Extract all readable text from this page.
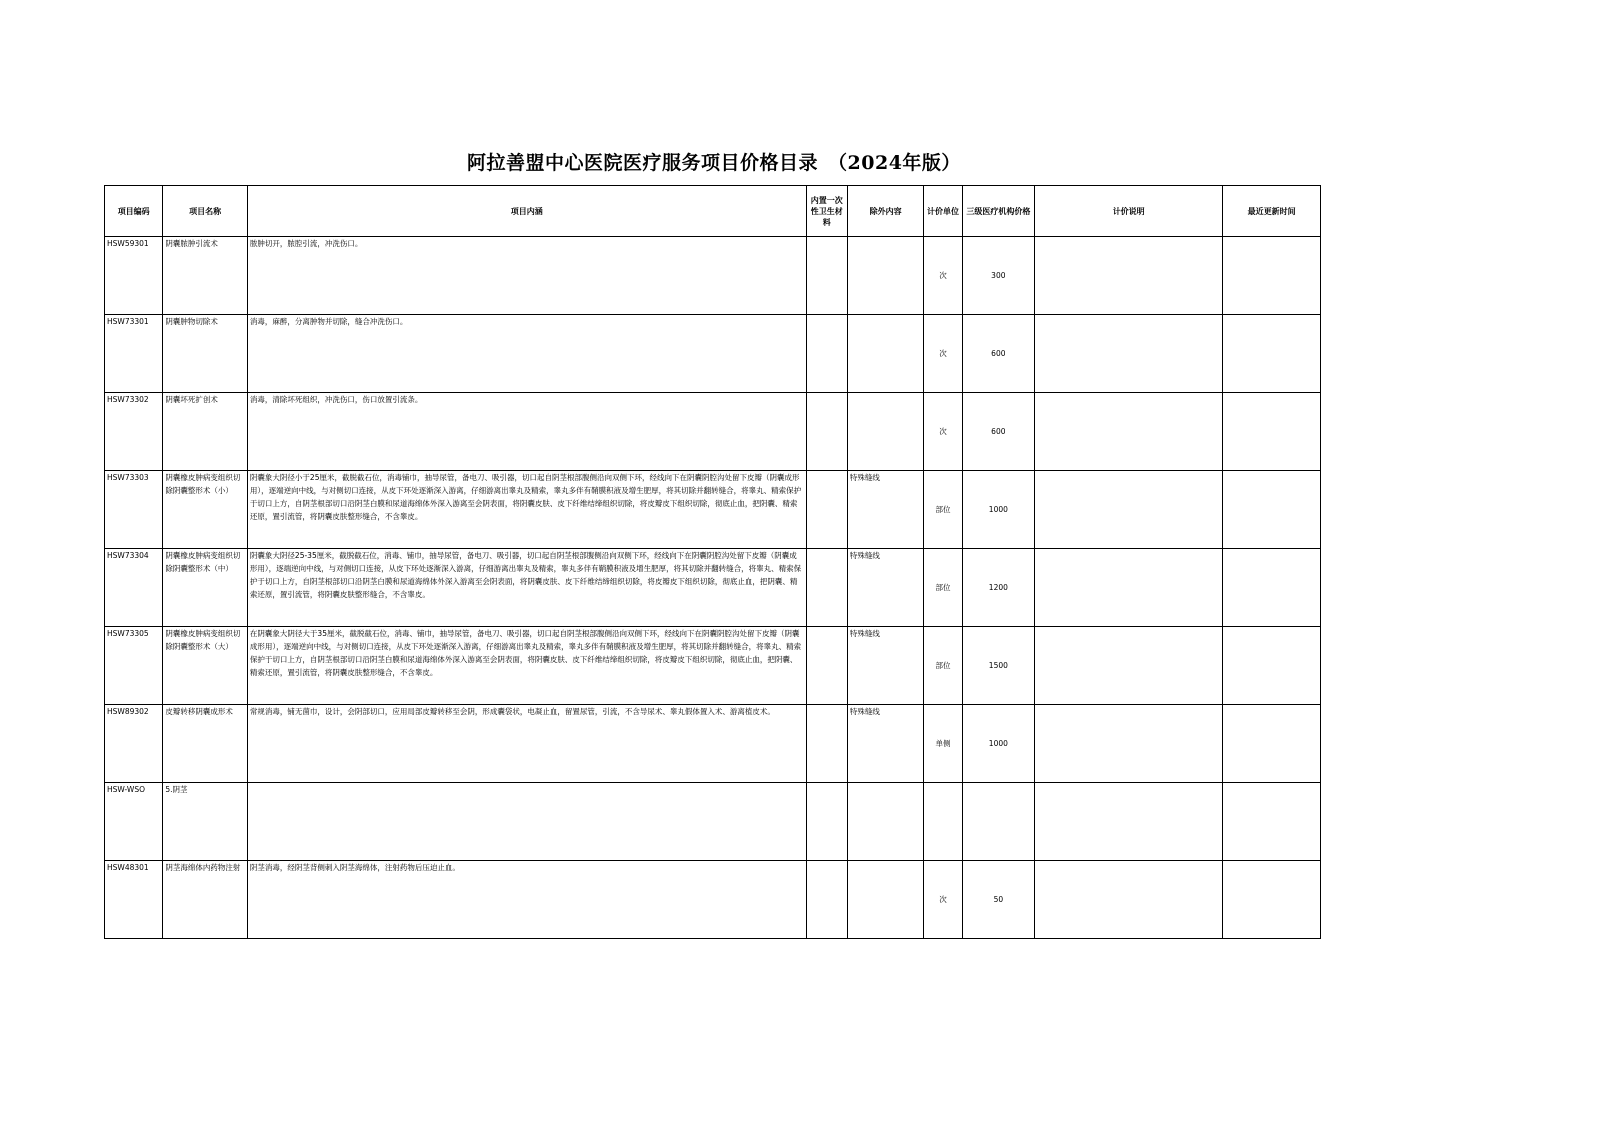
阿拉善盟中心医院医疗服务项目价格目录　（2024年版）
项目编码	项目名称	项目内涵	内置一次性卫生材料	除外内容	计价单位	三级医疗机构价格	计价说明	最近更新时间
HSW59301	阴囊脓肿引流术	脓肿切开，脓腔引流，冲洗伤口。			次	300		
HSW73301	阴囊肿物切除术	消毒，麻醉，分离肿物并切除，缝合冲洗伤口。			次	600		
HSW73302	阴囊坏死扩创术	消毒，清除坏死组织，冲洗伤口，伤口放置引流条。			次	600		
HSW73303	阴囊橡皮肿病变组织切除阴囊整形术（小）	阴囊象大阴径小于25厘米，截脱截石位，消毒铺巾，抽导尿管，备电刀、吸引器，切口起自阴茎根部腹侧沿向双侧下环，经线向下在阴囊阴腔沟处留下皮瓣（阴囊成形用），逐端逆向中线，与对侧切口连接，从皮下环处逐渐深入游离，仔细游离出睾丸及精索，睾丸多伴有鞘膜积液及增生肥厚，将其切除并翻转缝合，将睾丸、精索保护于切口上方，自阴茎根部切口沿阴茎白膜和尿道海绵体外深入游离至会阴表面，将阴囊皮肤、皮下纤维结缔组织切除，将皮瓣皮下组织切除，彻底止血，把阴囊、精索还原，置引流管，将阴囊皮肤整形缝合，不含睾皮。		特殊缝线	部位	1000		
HSW73304	阴囊橡皮肿病变组织切除阴囊整形术（中）	阴囊象大阴径25-35厘米，截脱截石位，消毒、铺巾，抽导尿管，备电刀、吸引器，切口起自阴茎根部腹侧沿向双侧下环，经线向下在阴囊阴腔沟处留下皮瓣（阴囊成形用），逐端逆向中线，与对侧切口连接，从皮下环处逐渐深入游离，仔细游离出睾丸及精索，睾丸多伴有鞘膜积液及增生肥厚，将其切除并翻转缝合，将睾丸、精索保护于切口上方，自阴茎根部切口沿阴茎白膜和尿道海绵体外深入游离至会阴表面，将阴囊皮肤、皮下纤维结缔组织切除，将皮瓣皮下组织切除，彻底止血，把阴囊、精索还原，置引流管，将阴囊皮肤整形缝合，不含睾皮。		特殊缝线	部位	1200		
HSW73305	阴囊橡皮肿病变组织切除阴囊整形术（大）	在阴囊象大阴径大于35厘米，截脱截石位，消毒、铺巾，抽导尿管，备电刀、吸引器，切口起自阴茎根部腹侧沿向双侧下环，经线向下在阴囊阴腔沟处留下皮瓣（阴囊成形用），逐端逆向中线，与对侧切口连接，从皮下环处逐渐深入游离，仔细游离出睾丸及精索，睾丸多伴有鞘膜积液及增生肥厚，将其切除并翻转缝合，将睾丸、精索保护于切口上方，自阴茎根部切口沿阴茎白膜和尿道海绵体外深入游离至会阴表面，将阴囊皮肤、皮下纤维结缔组织切除，将皮瓣皮下组织切除，彻底止血，把阴囊、精索还原，置引流管，将阴囊皮肤整形缝合，不含睾皮。		特殊缝线	部位	1500		
HSW89302	皮瓣转移阴囊成形术	常规消毒，铺无菌巾，设计，会阴部切口，应用局部皮瓣转移至会阴，形成囊袋状，电凝止血，留置尿管，引流，不含导尿术、睾丸假体置入术、游离植皮术。		特殊缝线	单侧	1000		
HSW-WSO	5.阴茎							

HSW48301	阴茎海绵体内药物注射	阴茎消毒，经阴茎背侧刺入阴茎海绵体，注射药物后压迫止血。			次	50		
